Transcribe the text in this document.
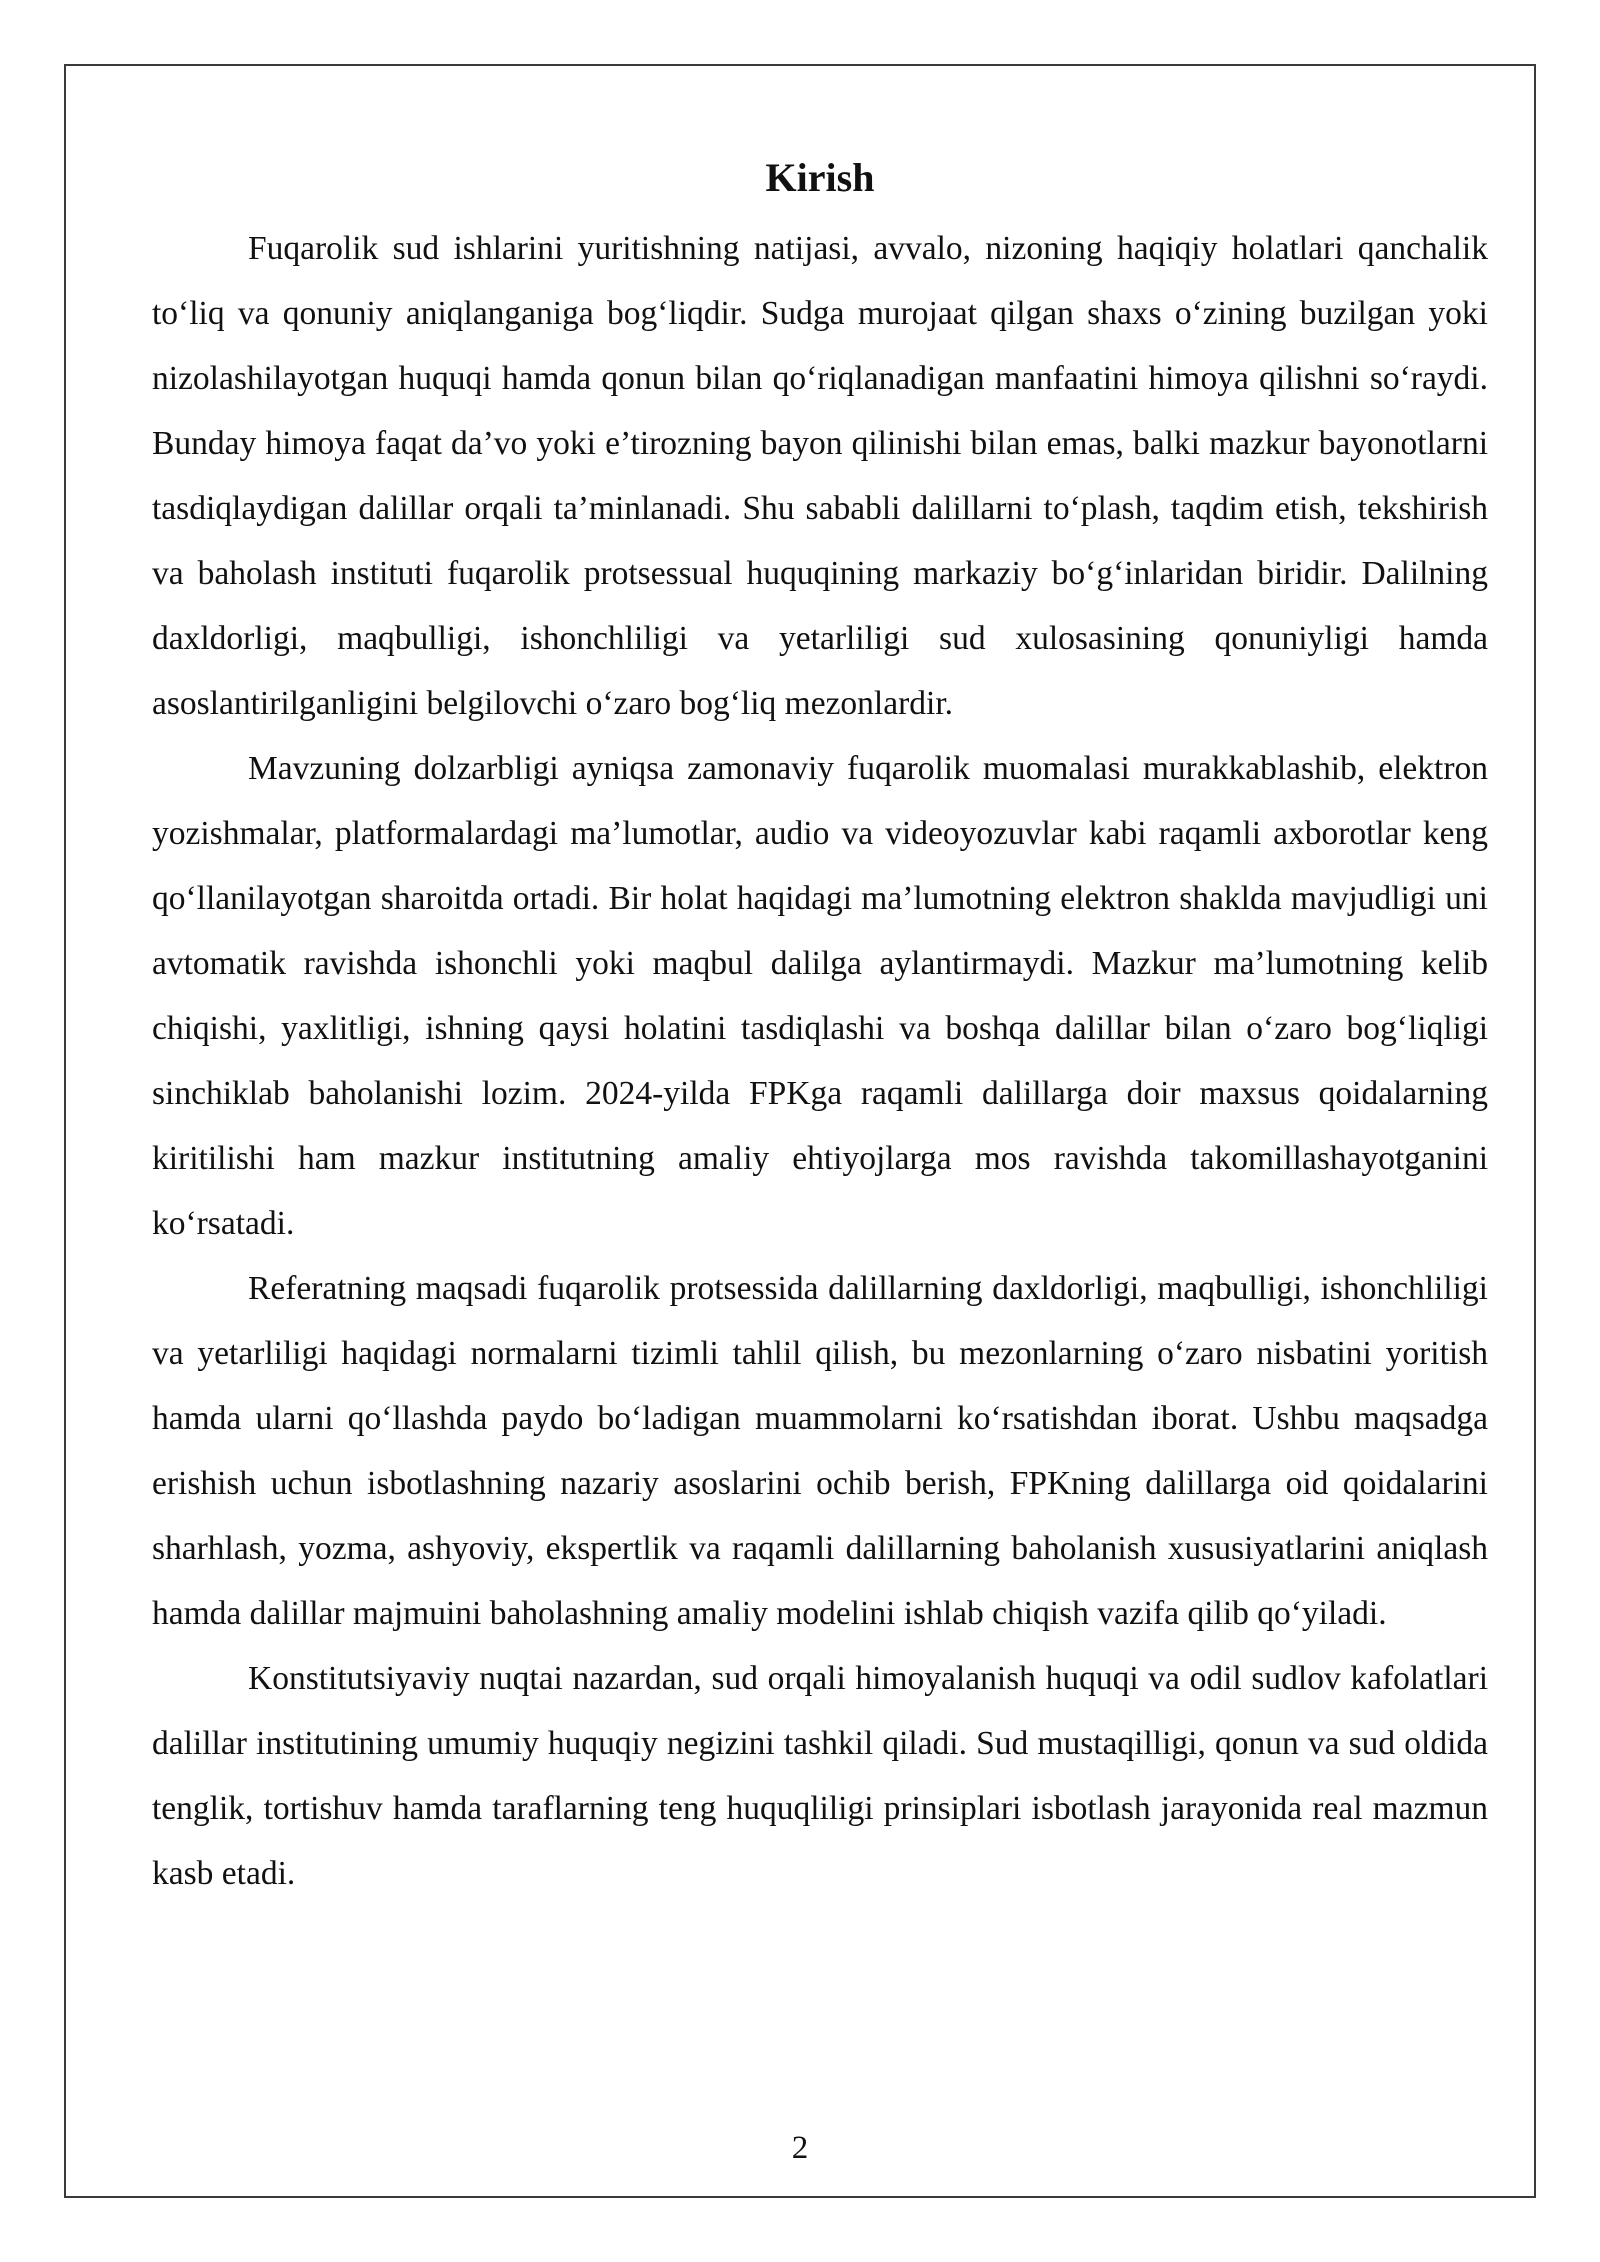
Kirish

Fuqarolik sud ishlarini yuritishning natijasi, avvalo, nizoning haqiqiy holatlari qanchalik to‘liq va qonuniy aniqlanganiga bog‘liqdir. Sudga murojaat qilgan shaxs o‘zining buzilgan yoki nizolashilayotgan huquqi hamda qonun bilan qo‘riqlanadigan manfaatini himoya qilishni so‘raydi. Bunday himoya faqat da’vo yoki e’tirozning bayon qilinishi bilan emas, balki mazkur bayonotlarni tasdiqlaydigan dalillar orqali ta’minlanadi. Shu sababli dalillarni to‘plash, taqdim etish, tekshirish va baholash instituti fuqarolik protsessual huquqining markaziy bo‘g‘inlaridan biridir. Dalilning daxldorligi, maqbulligi, ishonchliligi va yetarliligi sud xulosasining qonuniyligi hamda asoslantirilganligini belgilovchi o‘zaro bog‘liq mezonlardir.

Mavzuning dolzarbligi ayniqsa zamonaviy fuqarolik muomalasi murakkablashib, elektron yozishmalar, platformalardagi ma’lumotlar, audio va videoyozuvlar kabi raqamli axborotlar keng qo‘llanilayotgan sharoitda ortadi. Bir holat haqidagi ma’lumotning elektron shaklda mavjudligi uni avtomatik ravishda ishonchli yoki maqbul dalilga aylantirmaydi. Mazkur ma’lumotning kelib chiqishi, yaxlitligi, ishning qaysi holatini tasdiqlashi va boshqa dalillar bilan o‘zaro bog‘liqligi sinchiklab baholanishi lozim. 2024-yilda FPKga raqamli dalillarga doir maxsus qoidalarning kiritilishi ham mazkur institutning amaliy ehtiyojlarga mos ravishda takomillashayotganini ko‘rsatadi.

Referatning maqsadi fuqarolik protsessida dalillarning daxldorligi, maqbulligi, ishonchliligi va yetarliligi haqidagi normalarni tizimli tahlil qilish, bu mezonlarning o‘zaro nisbatini yoritish hamda ularni qo‘llashda paydo bo‘ladigan muammolarni ko‘rsatishdan iborat. Ushbu maqsadga erishish uchun isbotlashning nazariy asoslarini ochib berish, FPKning dalillarga oid qoidalarini sharhlash, yozma, ashyoviy, ekspertlik va raqamli dalillarning baholanish xususiyatlarini aniqlash hamda dalillar majmuini baholashning amaliy modelini ishlab chiqish vazifa qilib qo‘yiladi.

Konstitutsiyaviy nuqtai nazardan, sud orqali himoyalanish huquqi va odil sudlov kafolatlari dalillar institutining umumiy huquqiy negizini tashkil qiladi. Sud mustaqilligi, qonun va sud oldida tenglik, tortishuv hamda taraflarning teng huquqliligi prinsiplari isbotlash jarayonida real mazmun kasb etadi.

2
